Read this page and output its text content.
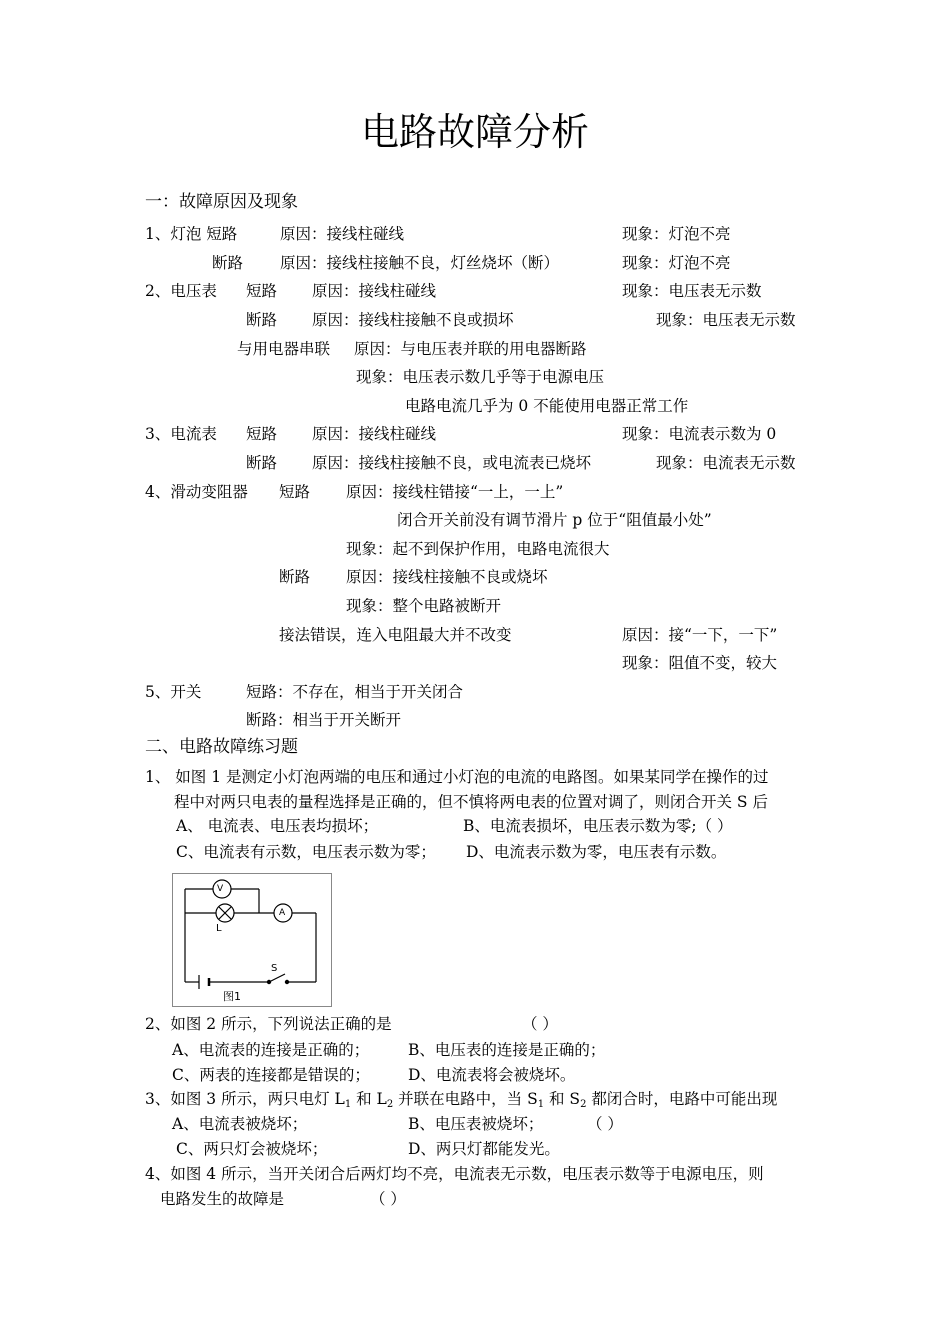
电路故障分析
一：故障原因及现象
1、灯泡 短路	原因：接线柱碰线	现象：灯泡不亮
断路 原因：接线柱接触不良，灯丝烧坏（断）	现象：灯泡不亮
2、电压表 短路 原因：接线柱碰线	现象：电压表无示数
断路 原因：接线柱接触不良或损坏	现象：电压表无示数
与用电器串联 原因：与电压表并联的用电器断路
现象：电压表示数几乎等于电源电压
电路电流几乎为 0 不能使用电器正常工作
3、电流表 短路 原因：接线柱碰线	现象：电流表示数为 0
断路 原因：接线柱接触不良，或电流表已烧坏	现象：电流表无示数
4、滑动变阻器 短路 原因：接线柱错接“一上，一上”
闭合开关前没有调节滑片 p 位于“阻值最小处”
现象：起不到保护作用，电路电流很大
断路 原因：接线柱接触不良或烧坏
现象：整个电路被断开
接法错误，连入电阻最大并不改变	原因：接“一下，一下”
现象：阻值不变，较大
5、开关	短路：不存在，相当于开关闭合
断路：相当于开关断开
二、电路故障练习题
1、 如图 1 是测定小灯泡两端的电压和通过小灯泡的电流的电路图。如果某同学在操作的过
程中对两只电表的量程选择是正确的，但不慎将两电表的位置对调了，则闭合开关 S 后
A、 电流表、电压表均损坏；	B、电流表损坏，电压表示数为零;（ ）
C、电流表有示数，电压表示数为零； D、电流表示数为零，电压表有示数。
V
A
L
S
图1
2、如图 2 所示，下列说法正确的是	（ ）
A、电流表的连接是正确的；	B、电压表的连接是正确的；
C、两表的连接都是错误的； D、电流表将会被烧坏。
3、如图 3 所示，两只电灯 $L_1$ 和 $L_2$ 并联在电路中，当 $S_1$ 和 $S_2$ 都闭合时，电路中可能出现
A、电流表被烧坏；	B、电压表被烧坏；	（ ）
C、两只灯会被烧坏；	D、两只灯都能发光。
4、如图 4 所示，当开关闭合后两灯均不亮，电流表无示数，电压表示数等于电源电压，则
电路发生的故障是	（ ）
